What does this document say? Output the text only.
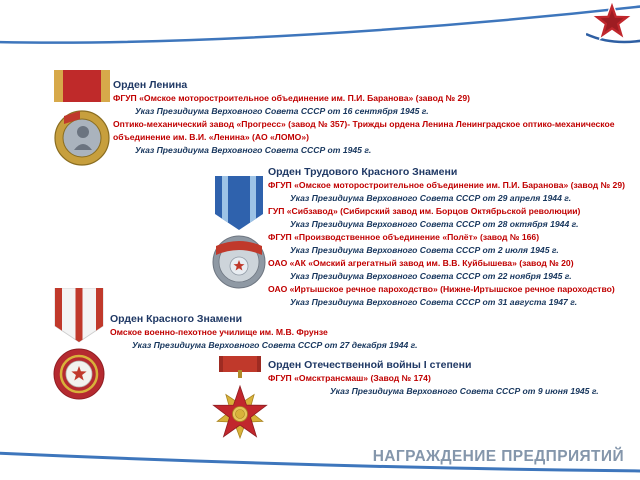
Орден Ленина
ФГУП «Омское моторостроительное объединение им. П.И. Баранова» (завод № 29)
Указ Президиума Верховного Совета СССР от 16 сентября 1945 г.
Оптико-механический завод «Прогресс» (завод № 357)- Трижды ордена Ленина Ленинградское оптико-механическое объединение им. В.И. «Ленина» (АО «ЛОМО»)
Указ Президиума Верховного Совета СССР от 1945 г.
Орден Трудового Красного Знамени
ФГУП «Омское моторостроительное объединение им. П.И. Баранова» (завод № 29)
Указ Президиума Верховного Совета СССР от 29 апреля 1944 г.
ГУП «Сибзавод» (Сибирский завод им. Борцов Октябрьской революции)
Указ Президиума Верховного Совета СССР от 28 октября 1944 г.
ФГУП «Производственное объединение «Полёт» (завод № 166)
Указ Президиума Верховного Совета СССР от 2 июля 1945 г.
ОАО «АК «Омский агрегатный завод им. В.В. Куйбышева» (завод № 20)
Указ Президиума Верховного Совета СССР от 22 ноября 1945 г.
ОАО «Иртышское речное пароходство» (Нижне-Иртышское речное пароходство)
Указ Президиума Верховного Совета СССР от 31 августа 1947 г.
Орден Красного Знамени
Омское военно-пехотное училище им. М.В. Фрунзе
Указ Президиума Верховного Совета СССР от 27 декабря 1944 г.
Орден Отечественной войны I степени
ФГУП «Омсктрансмаш» (Завод № 174)
Указ Президиума Верховного Совета СССР от 9 июня 1945 г.
НАГРАЖДЕНИЕ ПРЕДПРИЯТИЙ
